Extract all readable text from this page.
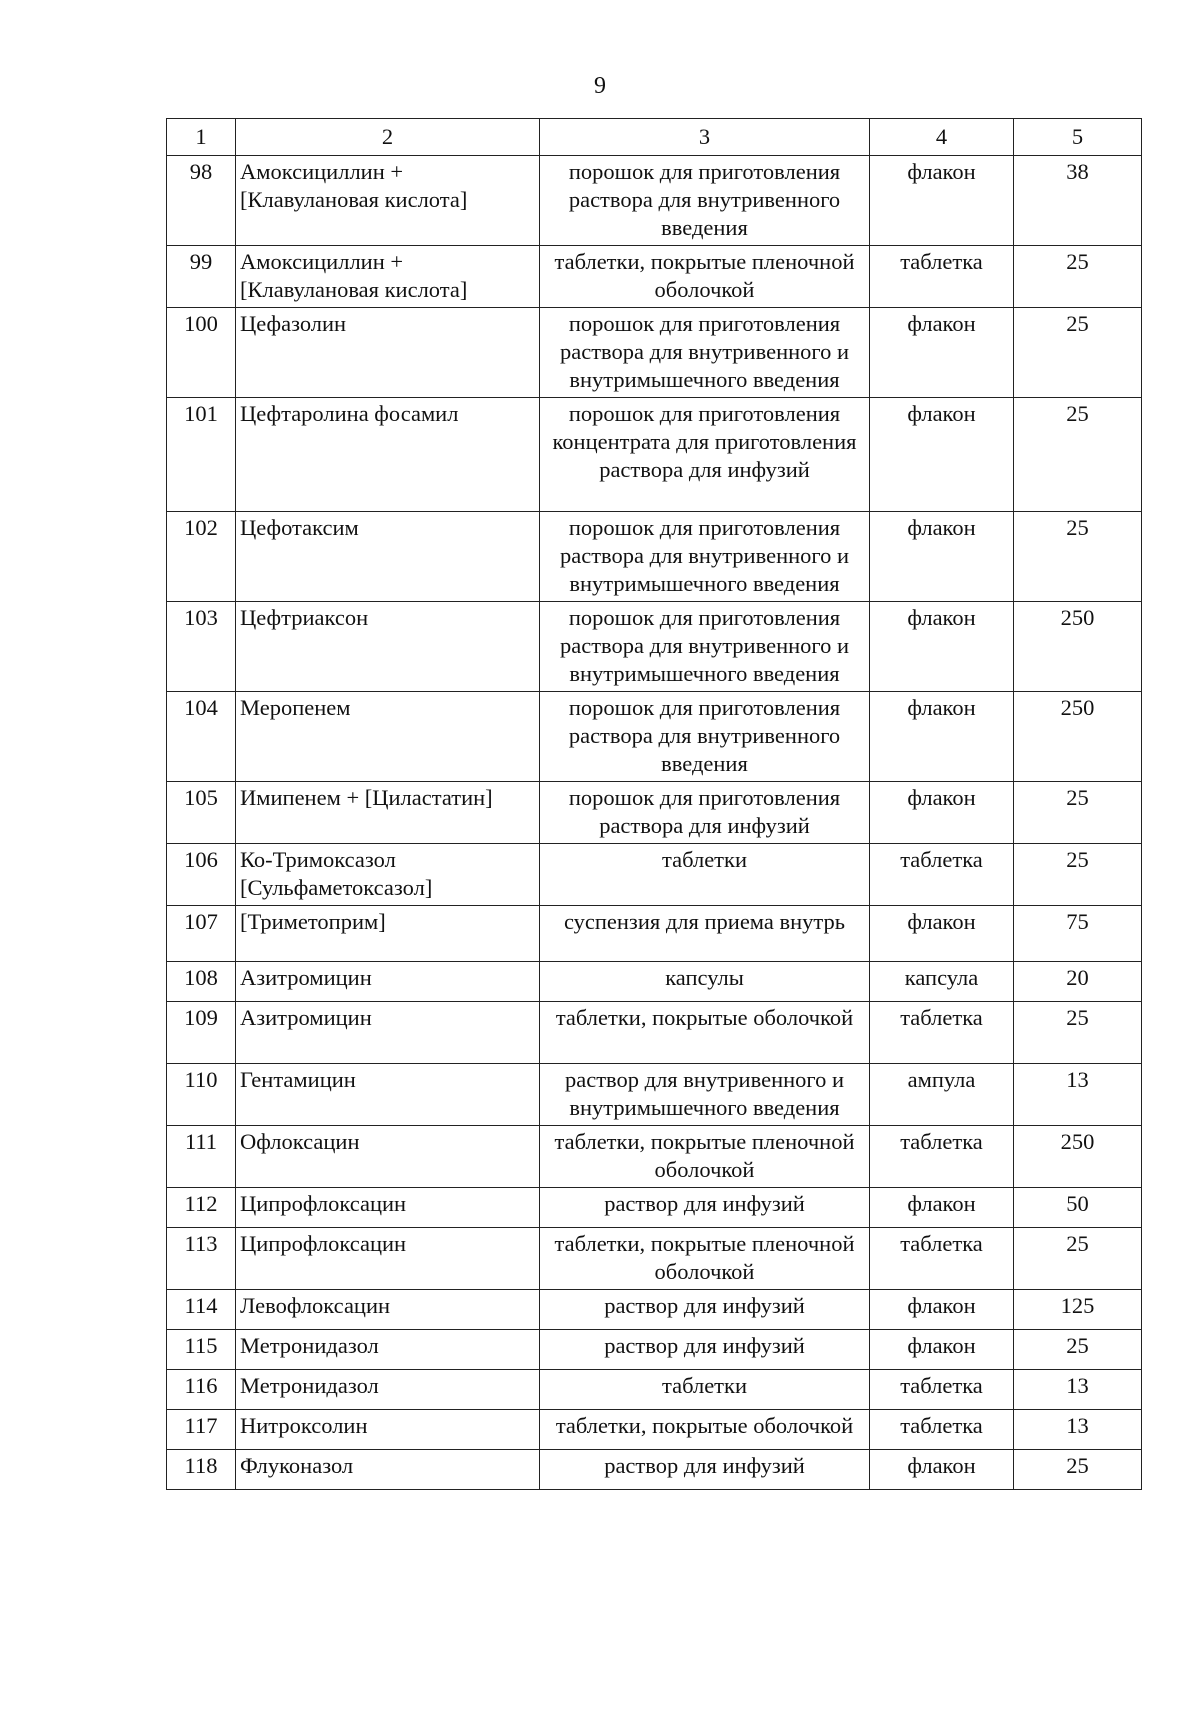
9
1	2	3	4	5
98	Амоксициллин + [Клавулановая кислота]	порошок для приготовления раствора для внутривенного введения	флакон	38
99	Амоксициллин + [Клавулановая кислота]	таблетки, покрытые пленочной оболочкой	таблетка	25
100	Цефазолин	порошок для приготовления раствора для внутривенного и внутримышечного введения	флакон	25
101	Цефтаролина фосамил	порошок для приготовления концентрата для приготовления раствора для инфузий	флакон	25
102	Цефотаксим	порошок для приготовления раствора для внутривенного и внутримышечного введения	флакон	25
103	Цефтриаксон	порошок для приготовления раствора для внутривенного и внутримышечного введения	флакон	250
104	Меропенем	порошок для приготовления раствора для внутривенного введения	флакон	250
105	Имипенем + [Циластатин]	порошок для приготовления раствора для инфузий	флакон	25
106	Ко-Тримоксазол [Сульфаметоксазол]	таблетки	таблетка	25
107	[Триметоприм]	суспензия для приема внутрь	флакон	75
108	Азитромицин	капсулы	капсула	20
109	Азитромицин	таблетки, покрытые оболочкой	таблетка	25
110	Гентамицин	раствор для внутривенного и внутримышечного введения	ампула	13
111	Офлоксацин	таблетки, покрытые пленочной оболочкой	таблетка	250
112	Ципрофлоксацин	раствор для инфузий	флакон	50
113	Ципрофлоксацин	таблетки, покрытые пленочной оболочкой	таблетка	25
114	Левофлоксацин	раствор для инфузий	флакон	125
115	Метронидазол	раствор для инфузий	флакон	25
116	Метронидазол	таблетки	таблетка	13
117	Нитроксолин	таблетки, покрытые оболочкой	таблетка	13
118	Флуконазол	раствор для инфузий	флакон	25
